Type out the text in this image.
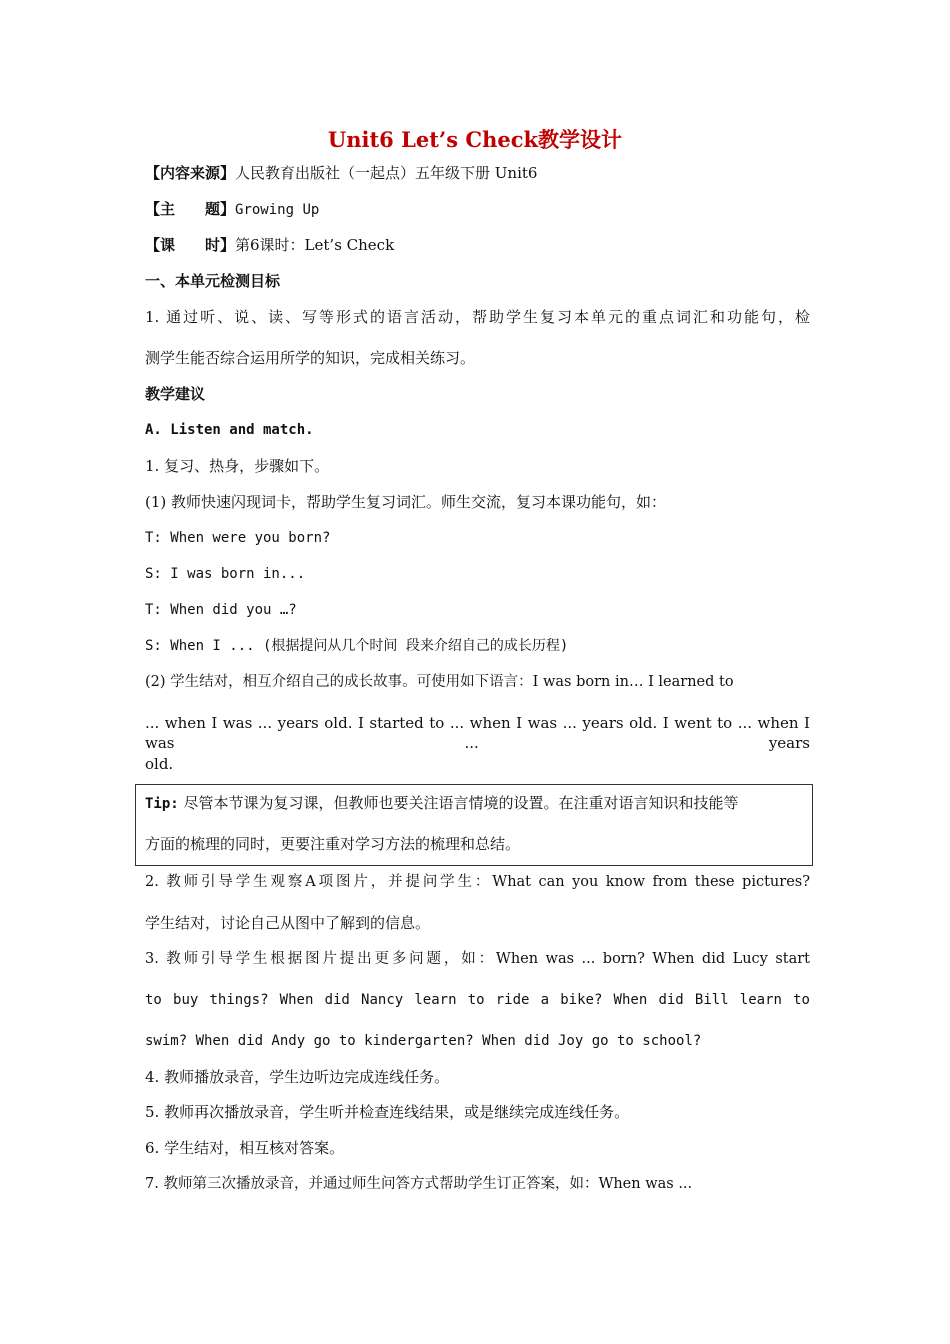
Unit6 Let’s Check教学设计
【内容来源】人民教育出版社（一起点）五年级下册 Unit6
【主　　题】Growing Up
【课　　时】第6课时：Let’s Check
一、本单元检测目标
1. 通过听、说、读、写等形式的语言活动，帮助学生复习本单元的重点词汇和功能句，检
测学生能否综合运用所学的知识，完成相关练习。
教学建议
A. Listen and match.
1. 复习、热身，步骤如下。
(1) 教师快速闪现词卡，帮助学生复习词汇。师生交流，复习本课功能句，如：
T: When were you born?
S: I was born in...
T: When did you …?
S: When I ... (根据提问从几个时间 段来介绍自己的成长历程)
(2) 学生结对，相互介绍自己的成长故事。可使用如下语言：I was born in… I learned to
... when I was ... years old. I started to ... when I was ... years old. I went to ... when I was ... years
old.
Tip: 尽管本节课为复习课，但教师也要关注语言情境的设置。在注重对语言知识和技能等
方面的梳理的同时，更要注重对学习方法的梳理和总结。
2. 教师引导学生观察A项图片，并提问学生：What can you know from these pictures?
学生结对，讨论自己从图中了解到的信息。
3. 教师引导学生根据图片提出更多问题，如：When was ... born? When did Lucy start
to buy things? When did Nancy learn to ride a bike? When did Bill learn to
swim? When did Andy go to kindergarten? When did Joy go to school?
4. 教师播放录音，学生边听边完成连线任务。
5. 教师再次播放录音，学生听并检查连线结果，或是继续完成连线任务。
6. 学生结对，相互核对答案。
7. 教师第三次播放录音，并通过师生问答方式帮助学生订正答案，如：When was ...
